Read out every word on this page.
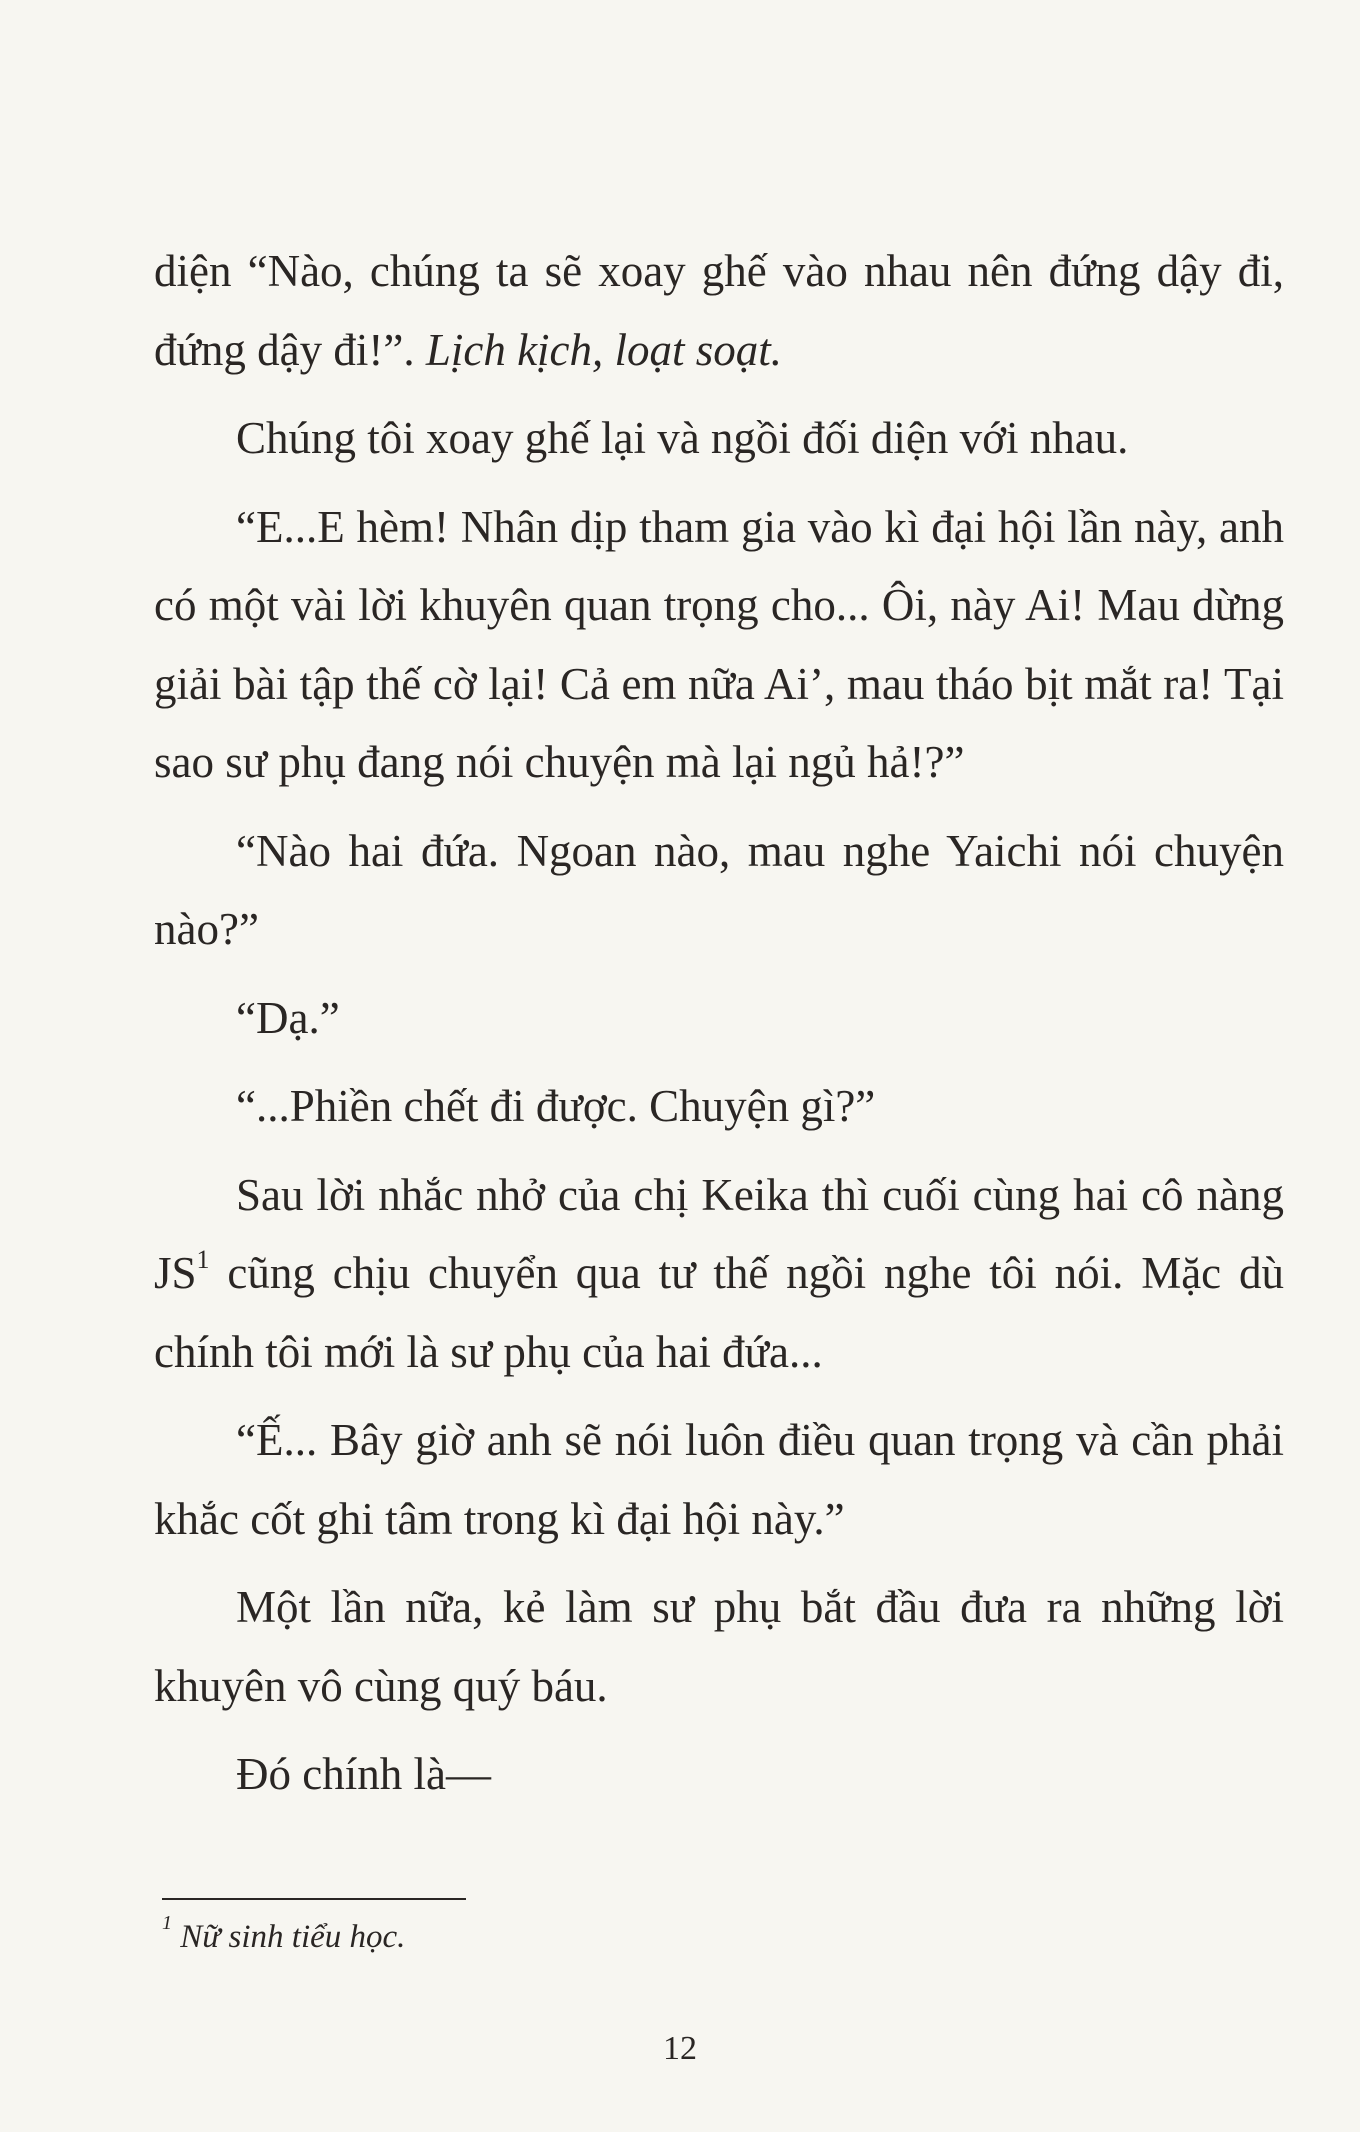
diện “Nào, chúng ta sẽ xoay ghế vào nhau nên đứng dậy đi, đứng dậy đi!”. Lịch kịch, loạt soạt.

Chúng tôi xoay ghế lại và ngồi đối diện với nhau.

“E...E hèm! Nhân dịp tham gia vào kì đại hội lần này, anh có một vài lời khuyên quan trọng cho... Ôi, này Ai! Mau dừng giải bài tập thế cờ lại! Cả em nữa Ai’, mau tháo bịt mắt ra! Tại sao sư phụ đang nói chuyện mà lại ngủ hả!?”

“Nào hai đứa. Ngoan nào, mau nghe Yaichi nói chuyện nào?”

“Dạ.”

“...Phiền chết đi được. Chuyện gì?”

Sau lời nhắc nhở của chị Keika thì cuối cùng hai cô nàng $JS^1$ cũng chịu chuyển qua tư thế ngồi nghe tôi nói. Mặc dù chính tôi mới là sư phụ của hai đứa...

“Ế... Bây giờ anh sẽ nói luôn điều quan trọng và cần phải khắc cốt ghi tâm trong kì đại hội này.”

Một lần nữa, kẻ làm sư phụ bắt đầu đưa ra những lời khuyên vô cùng quý báu.

Đó chính là—

$^1$ Nữ sinh tiểu học.
12
